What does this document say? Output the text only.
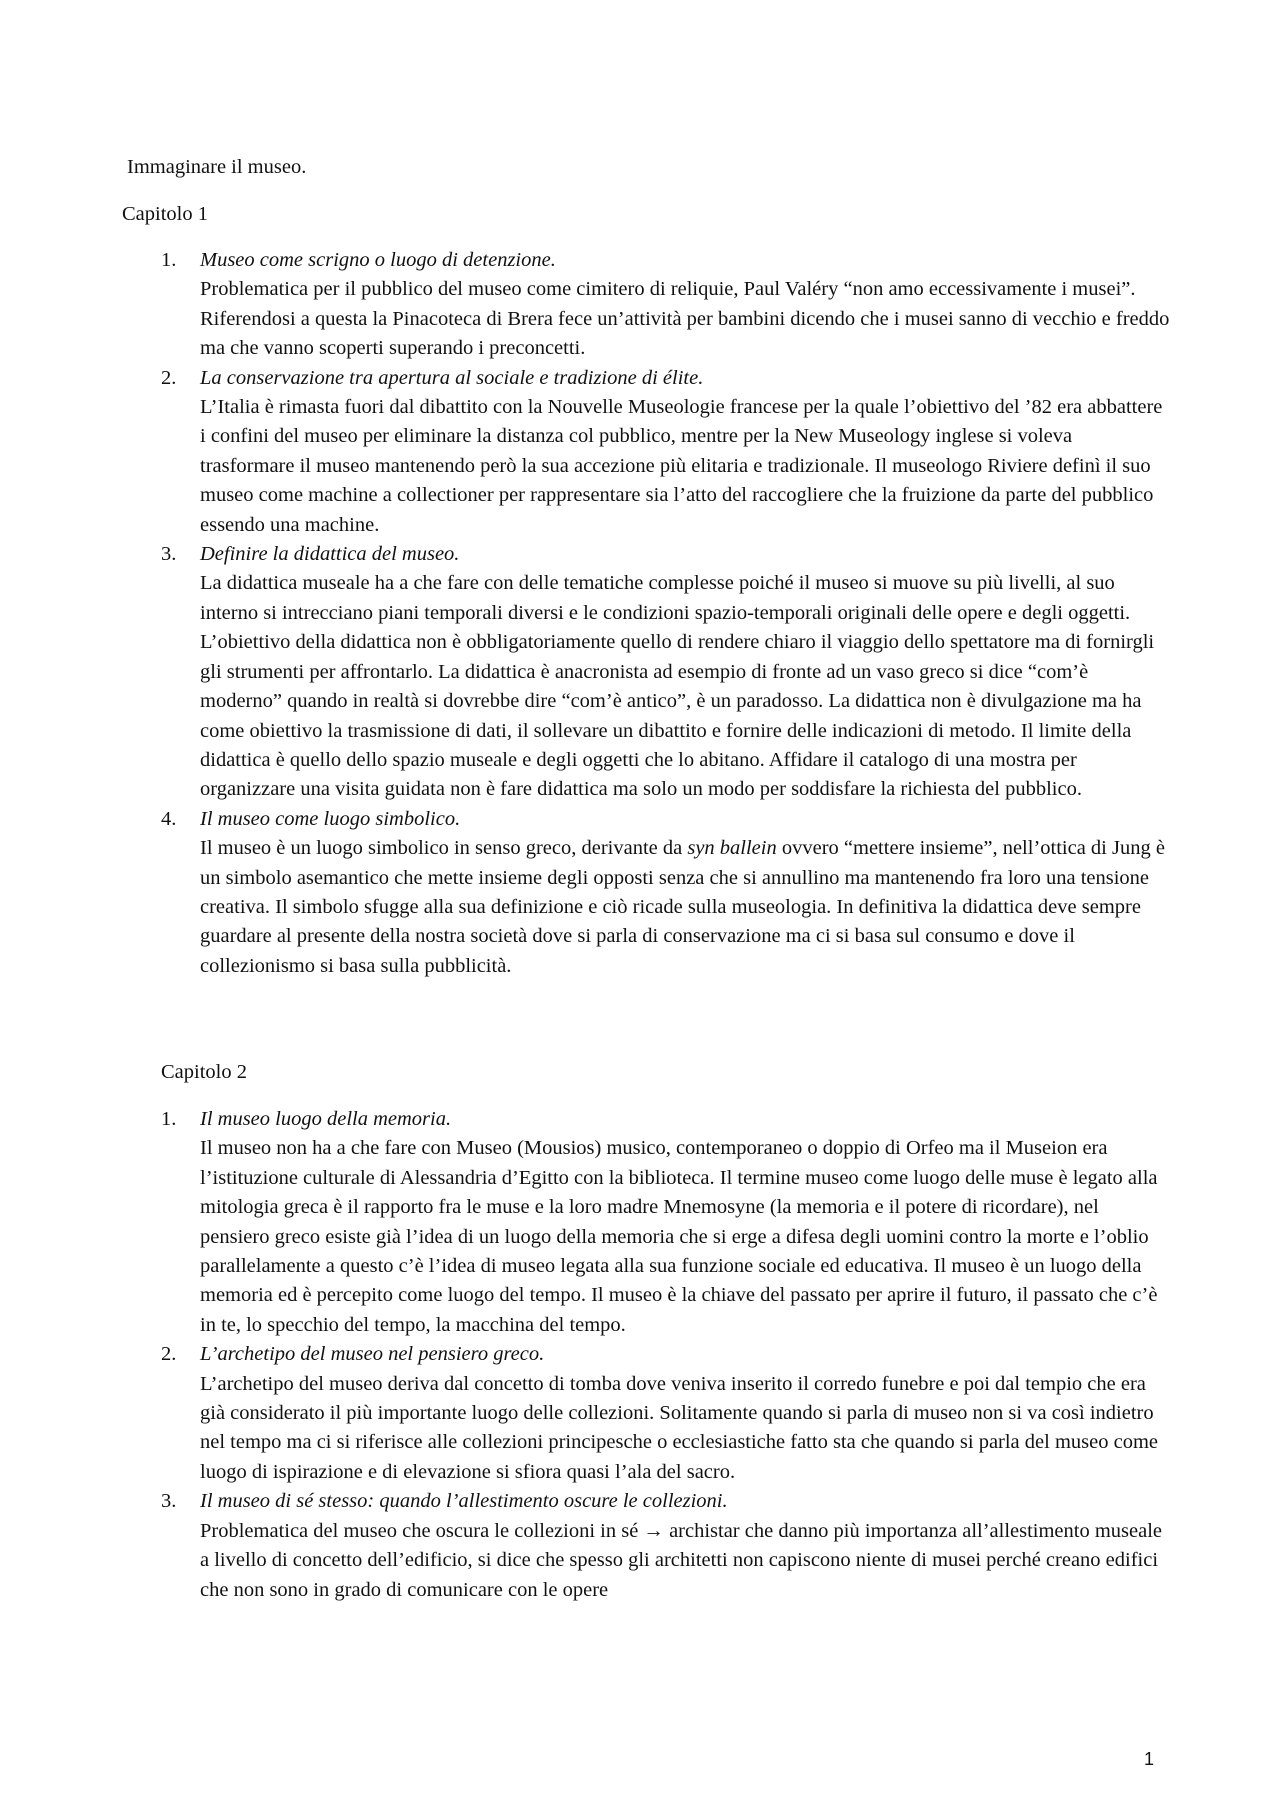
Immaginare il museo.
Capitolo 1
1. Museo come scrigno o luogo di detenzione.
Problematica per il pubblico del museo come cimitero di reliquie, Paul Valéry “non amo eccessivamente i musei”. Riferendosi a questa la Pinacoteca di Brera fece un’attività per bambini dicendo che i musei sanno di vecchio e freddo ma che vanno scoperti superando i preconcetti.
2. La conservazione tra apertura al sociale e tradizione di élite.
L’Italia è rimasta fuori dal dibattito con la Nouvelle Museologie francese per la quale l’obiettivo del ’82 era abbattere i confini del museo per eliminare la distanza col pubblico, mentre per la New Museology inglese si voleva trasformare il museo mantenendo però la sua accezione più elitaria e tradizionale. Il museologo Riviere definì il suo museo come machine a collectioner per rappresentare sia l’atto del raccogliere che la fruizione da parte del pubblico essendo una machine.
3. Definire la didattica del museo.
La didattica museale ha a che fare con delle tematiche complesse poiché il museo si muove su più livelli, al suo interno si intrecciano piani temporali diversi e le condizioni spazio-temporali originali delle opere e degli oggetti. L’obiettivo della didattica non è obbligatoriamente quello di rendere chiaro il viaggio dello spettatore ma di fornirgli gli strumenti per affrontarlo. La didattica è anacronista ad esempio di fronte ad un vaso greco si dice “com’è moderno” quando in realtà si dovrebbe dire “com’è antico”, è un paradosso. La didattica non è divulgazione ma ha come obiettivo la trasmissione di dati, il sollevare un dibattito e fornire delle indicazioni di metodo. Il limite della didattica è quello dello spazio museale e degli oggetti che lo abitano. Affidare il catalogo di una mostra per organizzare una visita guidata non è fare didattica ma solo un modo per soddisfare la richiesta del pubblico.
4. Il museo come luogo simbolico.
Il museo è un luogo simbolico in senso greco, derivante da syn ballein ovvero “mettere insieme”, nell’ottica di Jung è un simbolo asemantico che mette insieme degli opposti senza che si annullino ma mantenendo fra loro una tensione creativa. Il simbolo sfugge alla sua definizione e ciò ricade sulla museologia. In definitiva la didattica deve sempre guardare al presente della nostra società dove si parla di conservazione ma ci si basa sul consumo e dove il collezionismo si basa sulla pubblicità.
Capitolo 2
1. Il museo luogo della memoria.
Il museo non ha a che fare con Museo (Mousios) musico, contemporaneo o doppio di Orfeo ma il Museion era l’istituzione culturale di Alessandria d’Egitto con la biblioteca. Il termine museo come luogo delle muse è legato alla mitologia greca è il rapporto fra le muse e la loro madre Mnemosyne (la memoria e il potere di ricordare), nel pensiero greco esiste già l’idea di un luogo della memoria che si erge a difesa degli uomini contro la morte e l’oblio parallelamente a questo c’è l’idea di museo legata alla sua funzione sociale ed educativa. Il museo è un luogo della memoria ed è percepito come luogo del tempo. Il museo è la chiave del passato per aprire il futuro, il passato che c’è in te, lo specchio del tempo, la macchina del tempo.
2. L’archetipo del museo nel pensiero greco.
L’archetipo del museo deriva dal concetto di tomba dove veniva inserito il corredo funebre e poi dal tempio che era già considerato il più importante luogo delle collezioni. Solitamente quando si parla di museo non si va così indietro nel tempo ma ci si riferisce alle collezioni principesche o ecclesiastiche fatto sta che quando si parla del museo come luogo di ispirazione e di elevazione si sfiora quasi l’ala del sacro.
3. Il museo di sé stesso: quando l’allestimento oscure le collezioni.
Problematica del museo che oscura le collezioni in sé → archistar che danno più importanza all’allestimento museale a livello di concetto dell’edificio, si dice che spesso gli architetti non capiscono niente di musei perché creano edifici che non sono in grado di comunicare con le opere
1
